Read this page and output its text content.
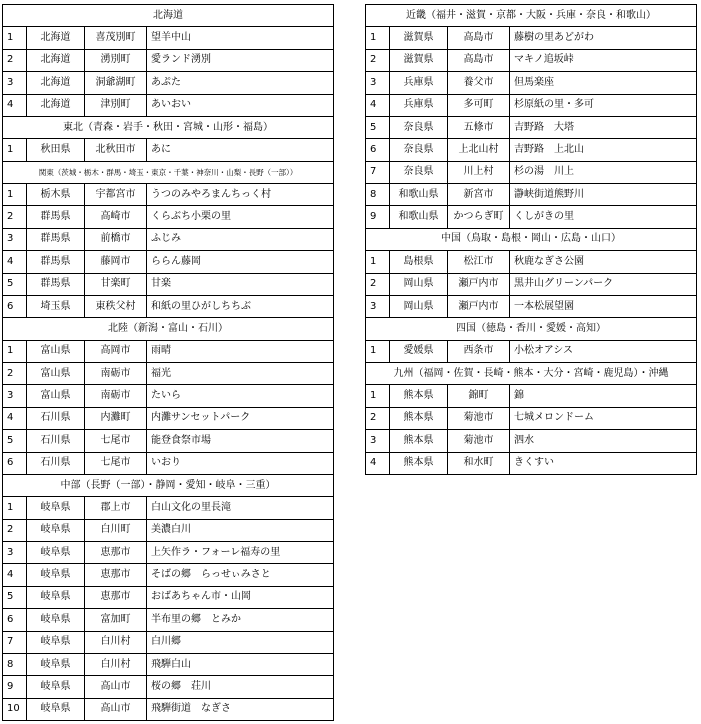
北海道			
1	北海道	喜茂別町	望羊中山
2	北海道	湧別町	愛ランド湧別
3	北海道	洞爺湖町	あぷた
4	北海道	津別町	あいおい
東北（青森・岩手・秋田・宮城・山形・福島）			
1	秋田県	北秋田市	あに
関東（茨城・栃木・群馬・埼玉・東京・千葉・神奈川・山梨・長野（一部））			
1	栃木県	宇都宮市	うつのみやろまんちっく村
2	群馬県	高崎市	くらぶち小栗の里
3	群馬県	前橋市	ふじみ
4	群馬県	藤岡市	ららん藤岡
5	群馬県	甘楽町	甘楽
6	埼玉県	東秩父村	和紙の里ひがしちちぶ
北陸（新潟・富山・石川）			
1	富山県	高岡市	雨晴
2	富山県	南砺市	福光
3	富山県	南砺市	たいら
4	石川県	内灘町	内灘サンセットパーク
5	石川県	七尾市	能登食祭市場
6	石川県	七尾市	いおり
中部（長野（一部）・静岡・愛知・岐阜・三重）			
1	岐阜県	郡上市	白山文化の里長滝
2	岐阜県	白川町	美濃白川
3	岐阜県	恵那市	上矢作ラ・フォーレ福寿の里
4	岐阜県	恵那市	そばの郷　らっせぃみさと
5	岐阜県	恵那市	おばあちゃん市・山岡
6	岐阜県	富加町	半布里の郷　とみか
7	岐阜県	白川村	白川郷
8	岐阜県	白川村	飛騨白山
9	岐阜県	高山市	桜の郷　荘川
10	岐阜県	高山市	飛騨街道　なぎさ
近畿（福井・滋賀・京都・大阪・兵庫・奈良・和歌山）			
1	滋賀県	高島市	藤樹の里あどがわ
2	滋賀県	高島市	マキノ追坂峠
3	兵庫県	養父市	但馬楽座
4	兵庫県	多可町	杉原紙の里・多可
5	奈良県	五條市	吉野路　大塔
6	奈良県	上北山村	吉野路　上北山
7	奈良県	川上村	杉の湯　川上
8	和歌山県	新宮市	瀞峡街道熊野川
9	和歌山県	かつらぎ町	くしがきの里
中国（鳥取・島根・岡山・広島・山口）			
1	島根県	松江市	秋鹿なぎさ公園
2	岡山県	瀬戸内市	黒井山グリーンパーク
3	岡山県	瀬戸内市	一本松展望園
四国（徳島・香川・愛媛・高知）			
1	愛媛県	西条市	小松オアシス
九州（福岡・佐賀・長崎・熊本・大分・宮崎・鹿児島）・沖縄			
1	熊本県	錦町	錦
2	熊本県	菊池市	七城メロンドーム
3	熊本県	菊池市	泗水
4	熊本県	和水町	きくすい
